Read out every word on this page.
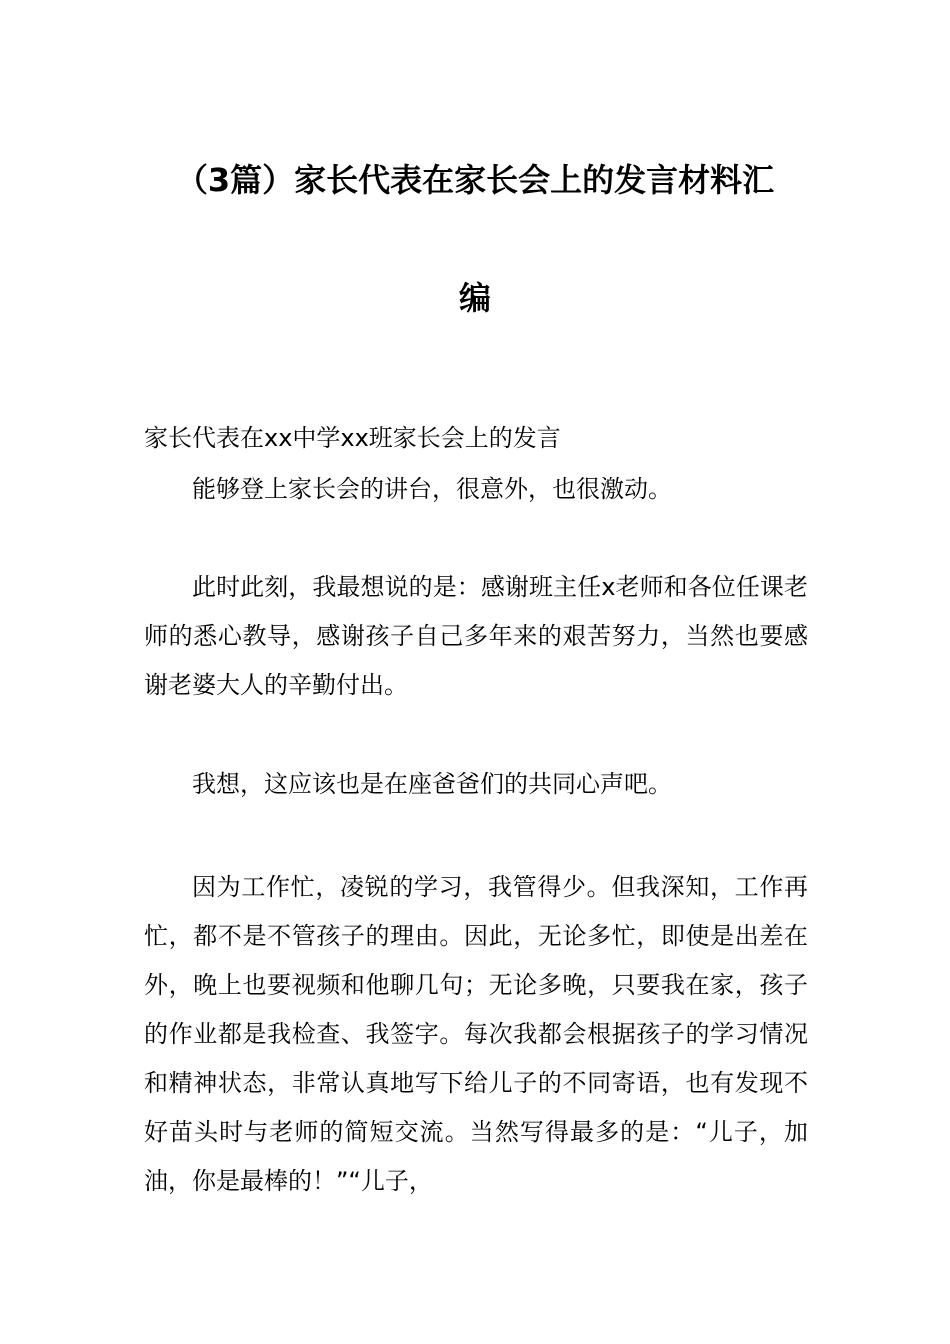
（3篇）家长代表在家长会上的发言材料汇
编

家长代表在xx中学xx班家长会上的发言

能够登上家长会的讲台，很意外，也很激动。

此时此刻，我最想说的是：感谢班主任x老师和各位任课老师的悉心教导，感谢孩子自己多年来的艰苦努力，当然也要感谢老婆大人的辛勤付出。

我想，这应该也是在座爸爸们的共同心声吧。

因为工作忙，凌锐的学习，我管得少。但我深知，工作再忙，都不是不管孩子的理由。因此，无论多忙，即使是出差在外，晚上也要视频和他聊几句；无论多晚，只要我在家，孩子的作业都是我检查、我签字。每次我都会根据孩子的学习情况和精神状态，非常认真地写下给儿子的不同寄语，也有发现不好苗头时与老师的简短交流。当然写得最多的是：“儿子，加油，你是最棒的！”“儿子，
